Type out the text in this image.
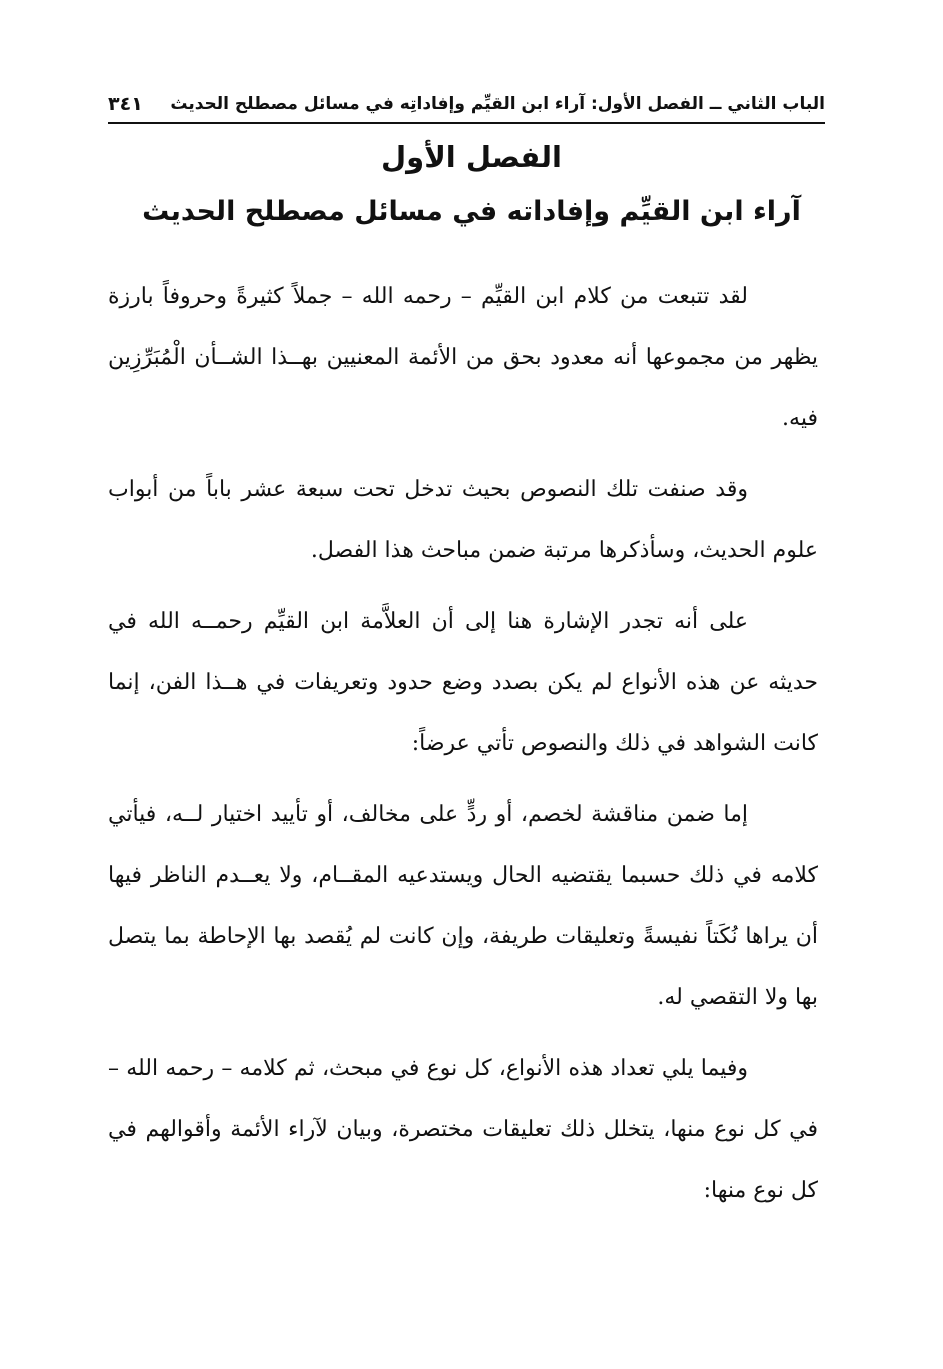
الباب الثاني ــ الفصل الأول: آراء ابن القيِّم وإفاداتِه في مسائل مصطلح الحديث
٣٤١
الفصل الأول
آراء ابن القيِّم وإفاداته في مسائل مصطلح الحديث

لقد تتبعت من كلام ابن القيِّم – رحمه الله – جملاً كثيرةً وحروفاً بارزة يظهر من مجموعها أنه معدود بحق من الأئمة المعنيين بهــذا الشــأن الْمُبَرِّزِين فيه.

وقد صنفت تلك النصوص بحيث تدخل تحت سبعة عشر باباً من أبواب علوم الحديث، وسأذكرها مرتبة ضمن مباحث هذا الفصل.

على أنه تجدر الإشارة هنا إلى أن العلاَّمة ابن القيِّم رحمــه الله في حديثه عن هذه الأنواع لم يكن بصدد وضع حدود وتعريفات في هــذا الفن، إنما كانت الشواهد في ذلك والنصوص تأتي عرضاً:

إما ضمن مناقشة لخصم، أو ردٍّ على مخالف، أو تأييد اختيار لــه، فيأتي كلامه في ذلك حسبما يقتضيه الحال ويستدعيه المقــام، ولا يعــدم الناظر فيها أن يراها نُكَتاً نفيسةً وتعليقات طريفة، وإن كانت لم يُقصد بها الإحاطة بما يتصل بها ولا التقصي له.

وفيما يلي تعداد هذه الأنواع، كل نوع في مبحث، ثم كلامه – رحمه الله – في كل نوع منها، يتخلل ذلك تعليقات مختصرة، وبيان لآراء الأئمة وأقوالهم في كل نوع منها:
